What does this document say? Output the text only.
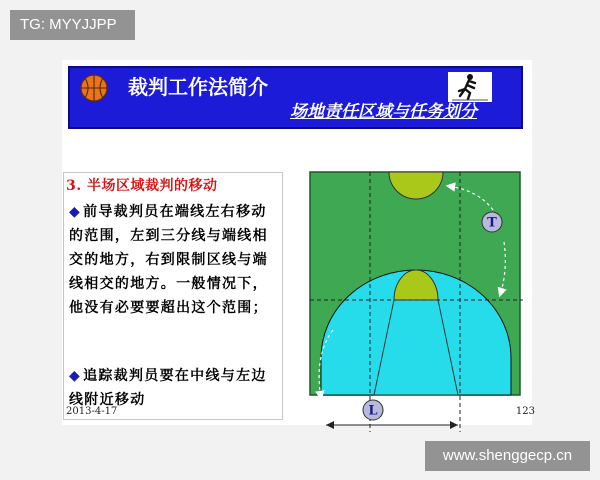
TG: MYYJJPP
裁判工作法简介
场地责任区域与任务划分
3. 半场区域裁判的移动
◆ 前导裁判员在端线左右移动的范围，左到三分线与端线相交的地方，右到限制区线与端线相交的地方。一般情况下，他没有必要要超出这个范围；
◆ 追踪裁判员要在中线与左边线附近移动
2013-4-17	123
T
L
www.shenggecp.cn
